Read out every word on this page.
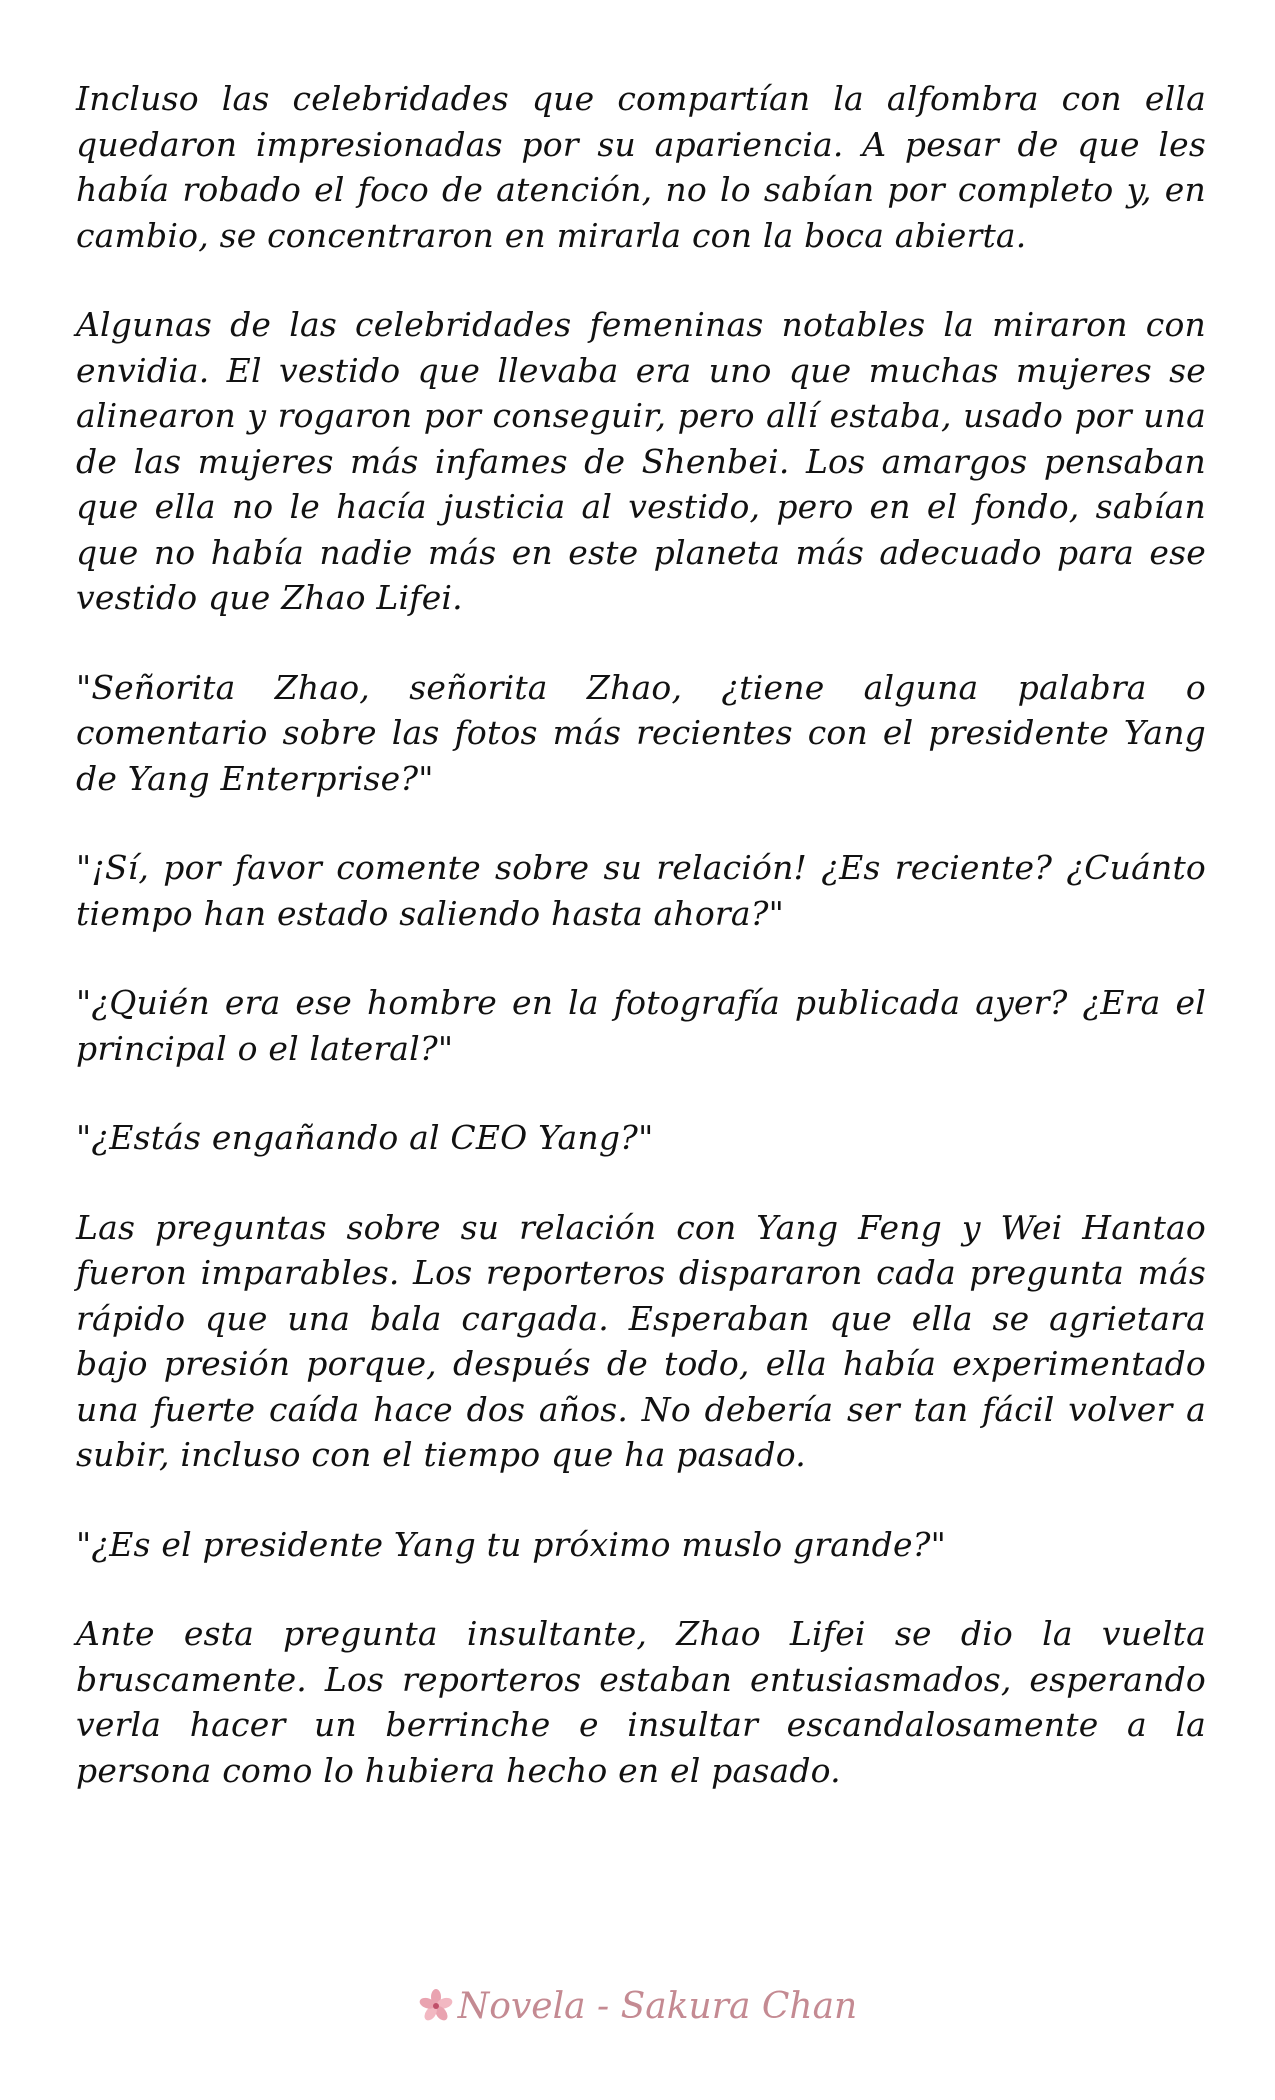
Incluso las celebridades que compartían la alfombra con ella quedaron impresionadas por su apariencia. A pesar de que les había robado el foco de atención, no lo sabían por completo y, en cambio, se concentraron en mirarla con la boca abierta.

Algunas de las celebridades femeninas notables la miraron con envidia. El vestido que llevaba era uno que muchas mujeres se alinearon y rogaron por conseguir, pero allí estaba, usado por una de las mujeres más infames de Shenbei. Los amargos pensaban que ella no le hacía justicia al vestido, pero en el fondo, sabían que no había nadie más en este planeta más adecuado para ese vestido que Zhao Lifei.

"Señorita Zhao, señorita Zhao, ¿tiene alguna palabra o comentario sobre las fotos más recientes con el presidente Yang de Yang Enterprise?"

"¡Sí, por favor comente sobre su relación! ¿Es reciente? ¿Cuánto tiempo han estado saliendo hasta ahora?"

"¿Quién era ese hombre en la fotografía publicada ayer? ¿Era el principal o el lateral?"

"¿Estás engañando al CEO Yang?"

Las preguntas sobre su relación con Yang Feng y Wei Hantao fueron imparables. Los reporteros dispararon cada pregunta más rápido que una bala cargada. Esperaban que ella se agrietara bajo presión porque, después de todo, ella había experimentado una fuerte caída hace dos años. No debería ser tan fácil volver a subir, incluso con el tiempo que ha pasado.

"¿Es el presidente Yang tu próximo muslo grande?"

Ante esta pregunta insultante, Zhao Lifei se dio la vuelta bruscamente. Los reporteros estaban entusiasmados, esperando verla hacer un berrinche e insultar escandalosamente a la persona como lo hubiera hecho en el pasado.

Novela - Sakura Chan
